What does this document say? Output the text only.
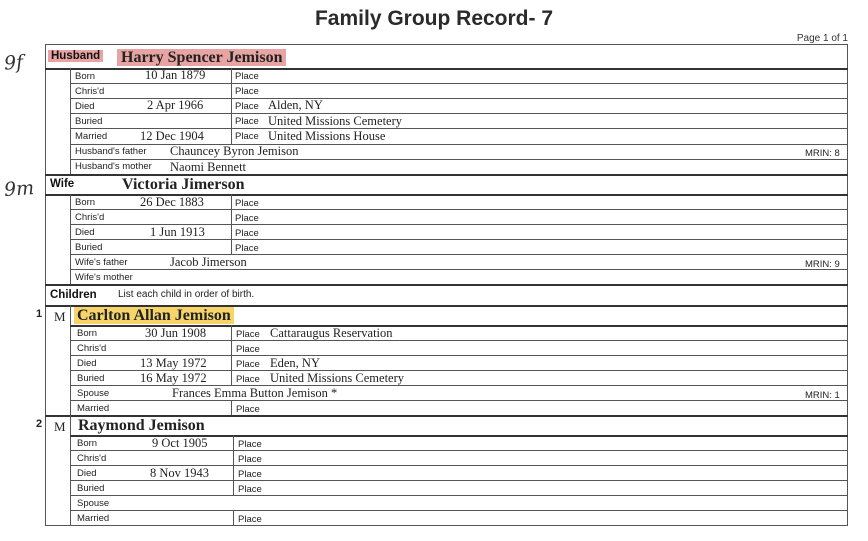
Family Group Record- 7
Page 1 of 1
9f
9m
Husband Harry Spencer Jemison
Born	10 Jan 1879	Place
Chris'd	Place
Died	2 Apr 1966	Place Alden, NY
Buried	Place United Missions Cemetery
Married	12 Dec 1904	Place United Missions House
Husband's father Chauncey Byron Jemison	MRIN: 8
Husband's mother Naomi Bennett
Wife	Victoria Jimerson
Born	26 Dec 1883	Place
Chris'd	Place
Died	1 Jun 1913	Place
Buried	Place
Wife's father	Jacob Jimerson	MRIN: 9
Wife's mother
Children List each child in order of birth.
1 M Carlton Allan Jemison
Born	30 Jun 1908	Place Cattaraugus Reservation
Chris'd	Place
Died	13 May 1972	Place Eden, NY
Buried	16 May 1972	Place United Missions Cemetery
Spouse	Frances Emma Button Jemison *	MRIN: 1
Married	Place
2 M Raymond Jemison
Born	9 Oct 1905	Place
Chris'd	Place
Died	8 Nov 1943	Place
Buried	Place
Spouse
Married	Place
